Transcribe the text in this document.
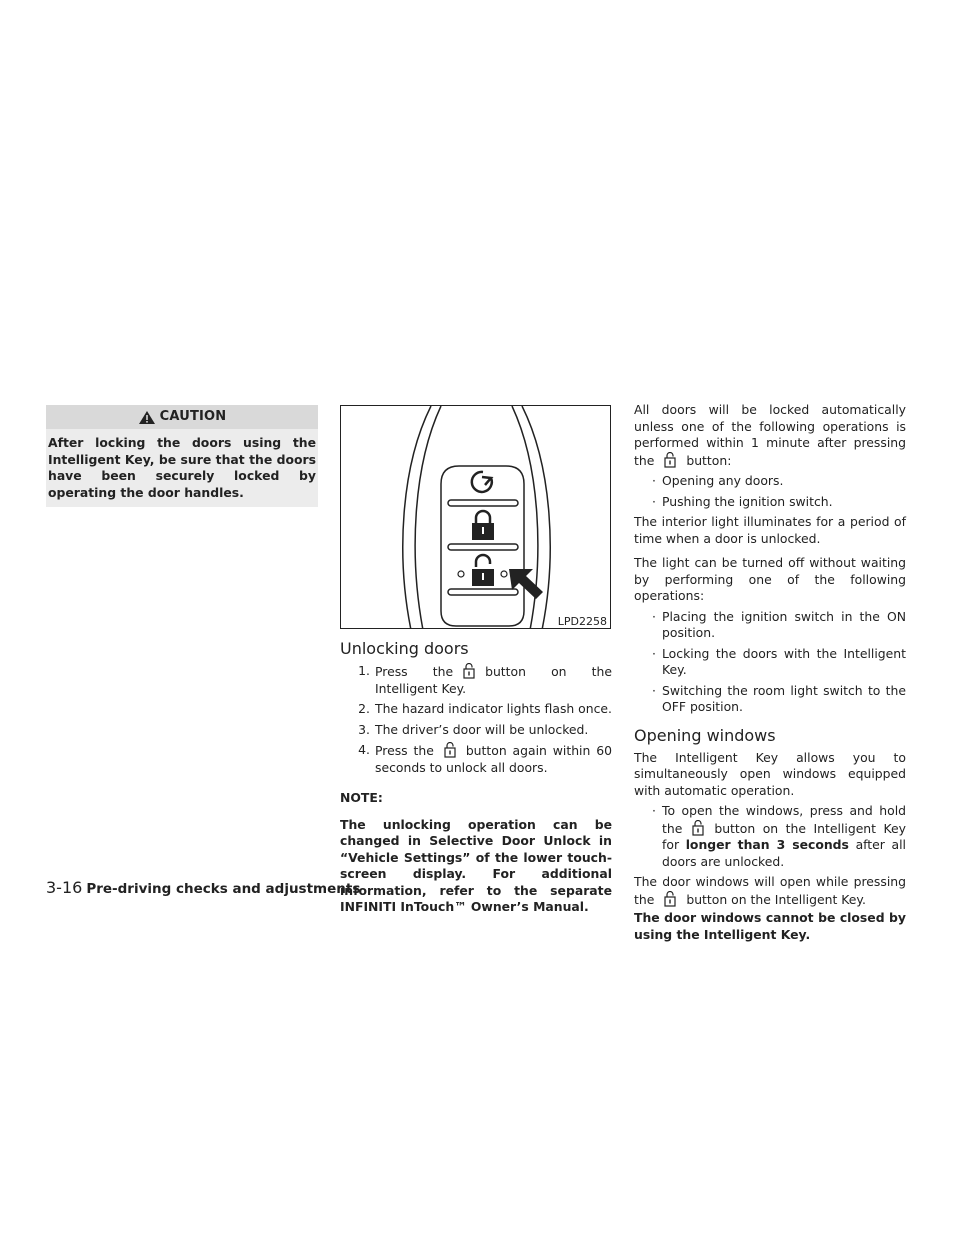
CAUTION
After locking the doors using the Intelligent Key, be sure that the doors have been securely locked by operating the door handles.
LPD2258
Unlocking doors
1. Press the	button on the Intelligent Key.
2. The hazard indicator lights flash once.
3. The driver’s door will be unlocked.
4. Press the	button again within 60 seconds to unlock all doors.
NOTE:
The unlocking operation can be changed in Selective Door Unlock in “Vehicle Settings” of the lower touch-screen display. For additional information, refer to the separate INFINITI InTouch™ Owner’s Manual.

All doors will be locked automatically unless one of the following operations is performed within 1 minute after pressing the	button:

· Opening any doors.
· Pushing the ignition switch.

The interior light illuminates for a period of time when a door is unlocked.

The light can be turned off without waiting by performing one of the following operations:

· Placing the ignition switch in the ON position.
· Locking the doors with the Intelligent Key.
· Switching the room light switch to the OFF position.
Opening windows

The Intelligent Key allows you to simultaneously open windows equipped with automatic operation.

· To open the windows, press and hold the	button on the Intelligent Key for longer than 3 seconds after all doors are unlocked.

The door windows will open while pressing the	button on the Intelligent Key.

The door windows cannot be closed by using the Intelligent Key.

3-16 Pre-driving checks and adjustments
